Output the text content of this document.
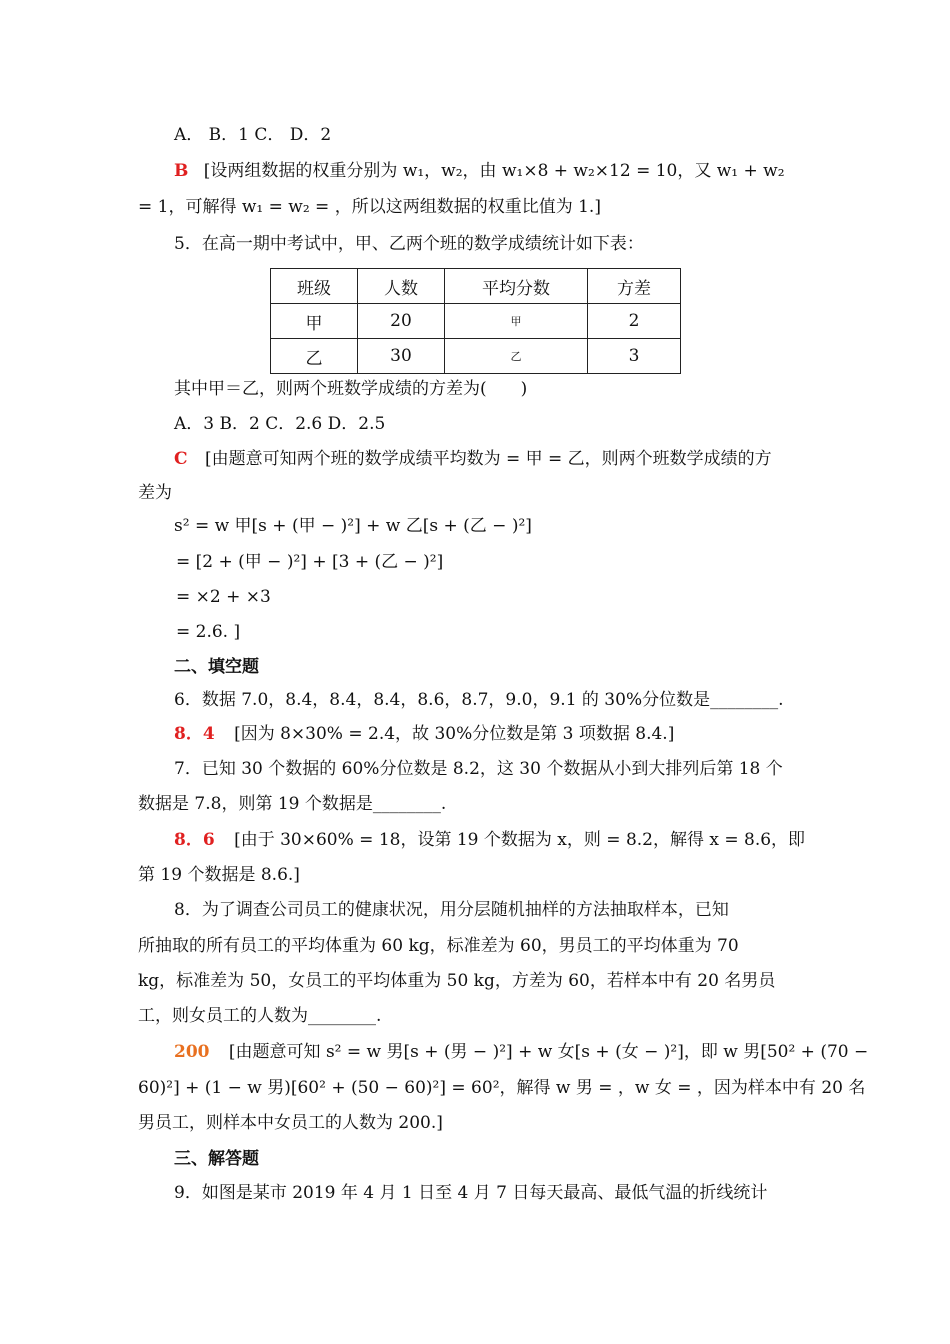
A． B．1 C． D．2
B [设两组数据的权重分别为 w₁，w₂，由 w₁×8 + w₂×12 = 10，又 w₁ + w₂
= 1，可解得 w₁ = w₂ = ，所以这两组数据的权重比值为 1.]
5．在高一期中考试中，甲、乙两个班的数学成绩统计如下表：
班级	人数	平均分数	方差
甲	20	甲	2
乙	30	乙	3
其中甲＝乙，则两个班数学成绩的方差为(　　)
A．3 B．2 C．2.6 D．2.5
C [由题意可知两个班的数学成绩平均数为 = 甲 = 乙，则两个班数学成绩的方
差为
s² = w 甲[s + (甲 − )²] + w 乙[s + (乙 − )²]
= [2 + (甲 − )²] + [3 + (乙 − )²]
= ×2 + ×3
= 2.6. ]
二、填空题
6．数据 7.0，8.4，8.4，8.4，8.6，8.7，9.0，9.1 的 30%分位数是________.
8．4 [因为 8×30% = 2.4，故 30%分位数是第 3 项数据 8.4.]
7．已知 30 个数据的 60%分位数是 8.2，这 30 个数据从小到大排列后第 18 个
数据是 7.8，则第 19 个数据是________.
8．6 [由于 30×60% = 18，设第 19 个数据为 x，则 = 8.2，解得 x = 8.6，即
第 19 个数据是 8.6.]
8．为了调查公司员工的健康状况，用分层随机抽样的方法抽取样本，已知
所抽取的所有员工的平均体重为 60 kg，标准差为 60，男员工的平均体重为 70
kg，标准差为 50，女员工的平均体重为 50 kg，方差为 60，若样本中有 20 名男员
工，则女员工的人数为________.
200 [由题意可知 s² = w 男[s + (男 − )²] + w 女[s + (女 − )²]，即 w 男[50² + (70 −
60)²] + (1 − w 男)[60² + (50 − 60)²] = 60²，解得 w 男 = ，w 女 = ，因为样本中有 20 名
男员工，则样本中女员工的人数为 200.]
三、解答题
9．如图是某市 2019 年 4 月 1 日至 4 月 7 日每天最高、最低气温的折线统计
